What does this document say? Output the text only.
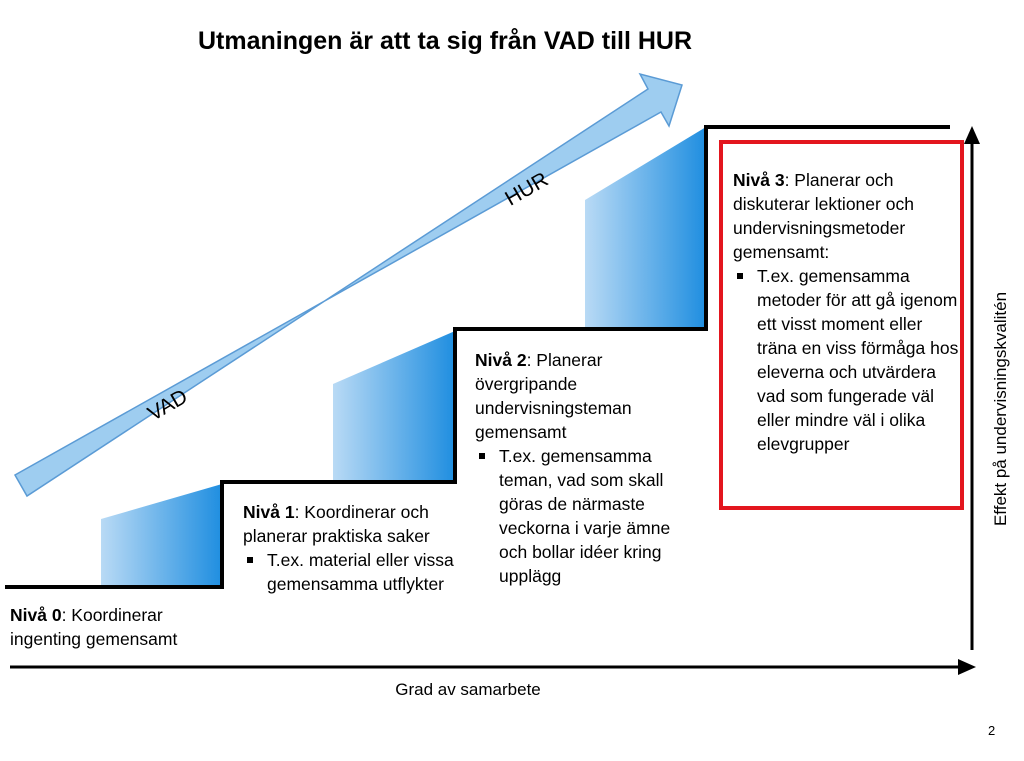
VAD
HUR
Utmaningen är att ta sig från VAD till HUR
Nivå 0: Koordinerar ingenting gemensamt
Nivå 1: Koordinerar och planerar praktiska saker
T.ex. material eller vissa gemensamma utflykter
Nivå 2: Planerar övergripande undervisningsteman gemensamt
T.ex. gemensamma teman, vad som skall göras de närmaste veckorna i varje ämne och bollar idéer kring upplägg
Nivå 3: Planerar och diskuterar lektioner och undervisningsmetoder gemensamt:
T.ex. gemensamma metoder för att gå igenom ett visst moment eller träna en viss förmåga hos eleverna och utvärdera vad som fungerade väl eller mindre väl i olika elevgrupper
Grad av samarbete
Effekt på undervisningskvalitén
2
